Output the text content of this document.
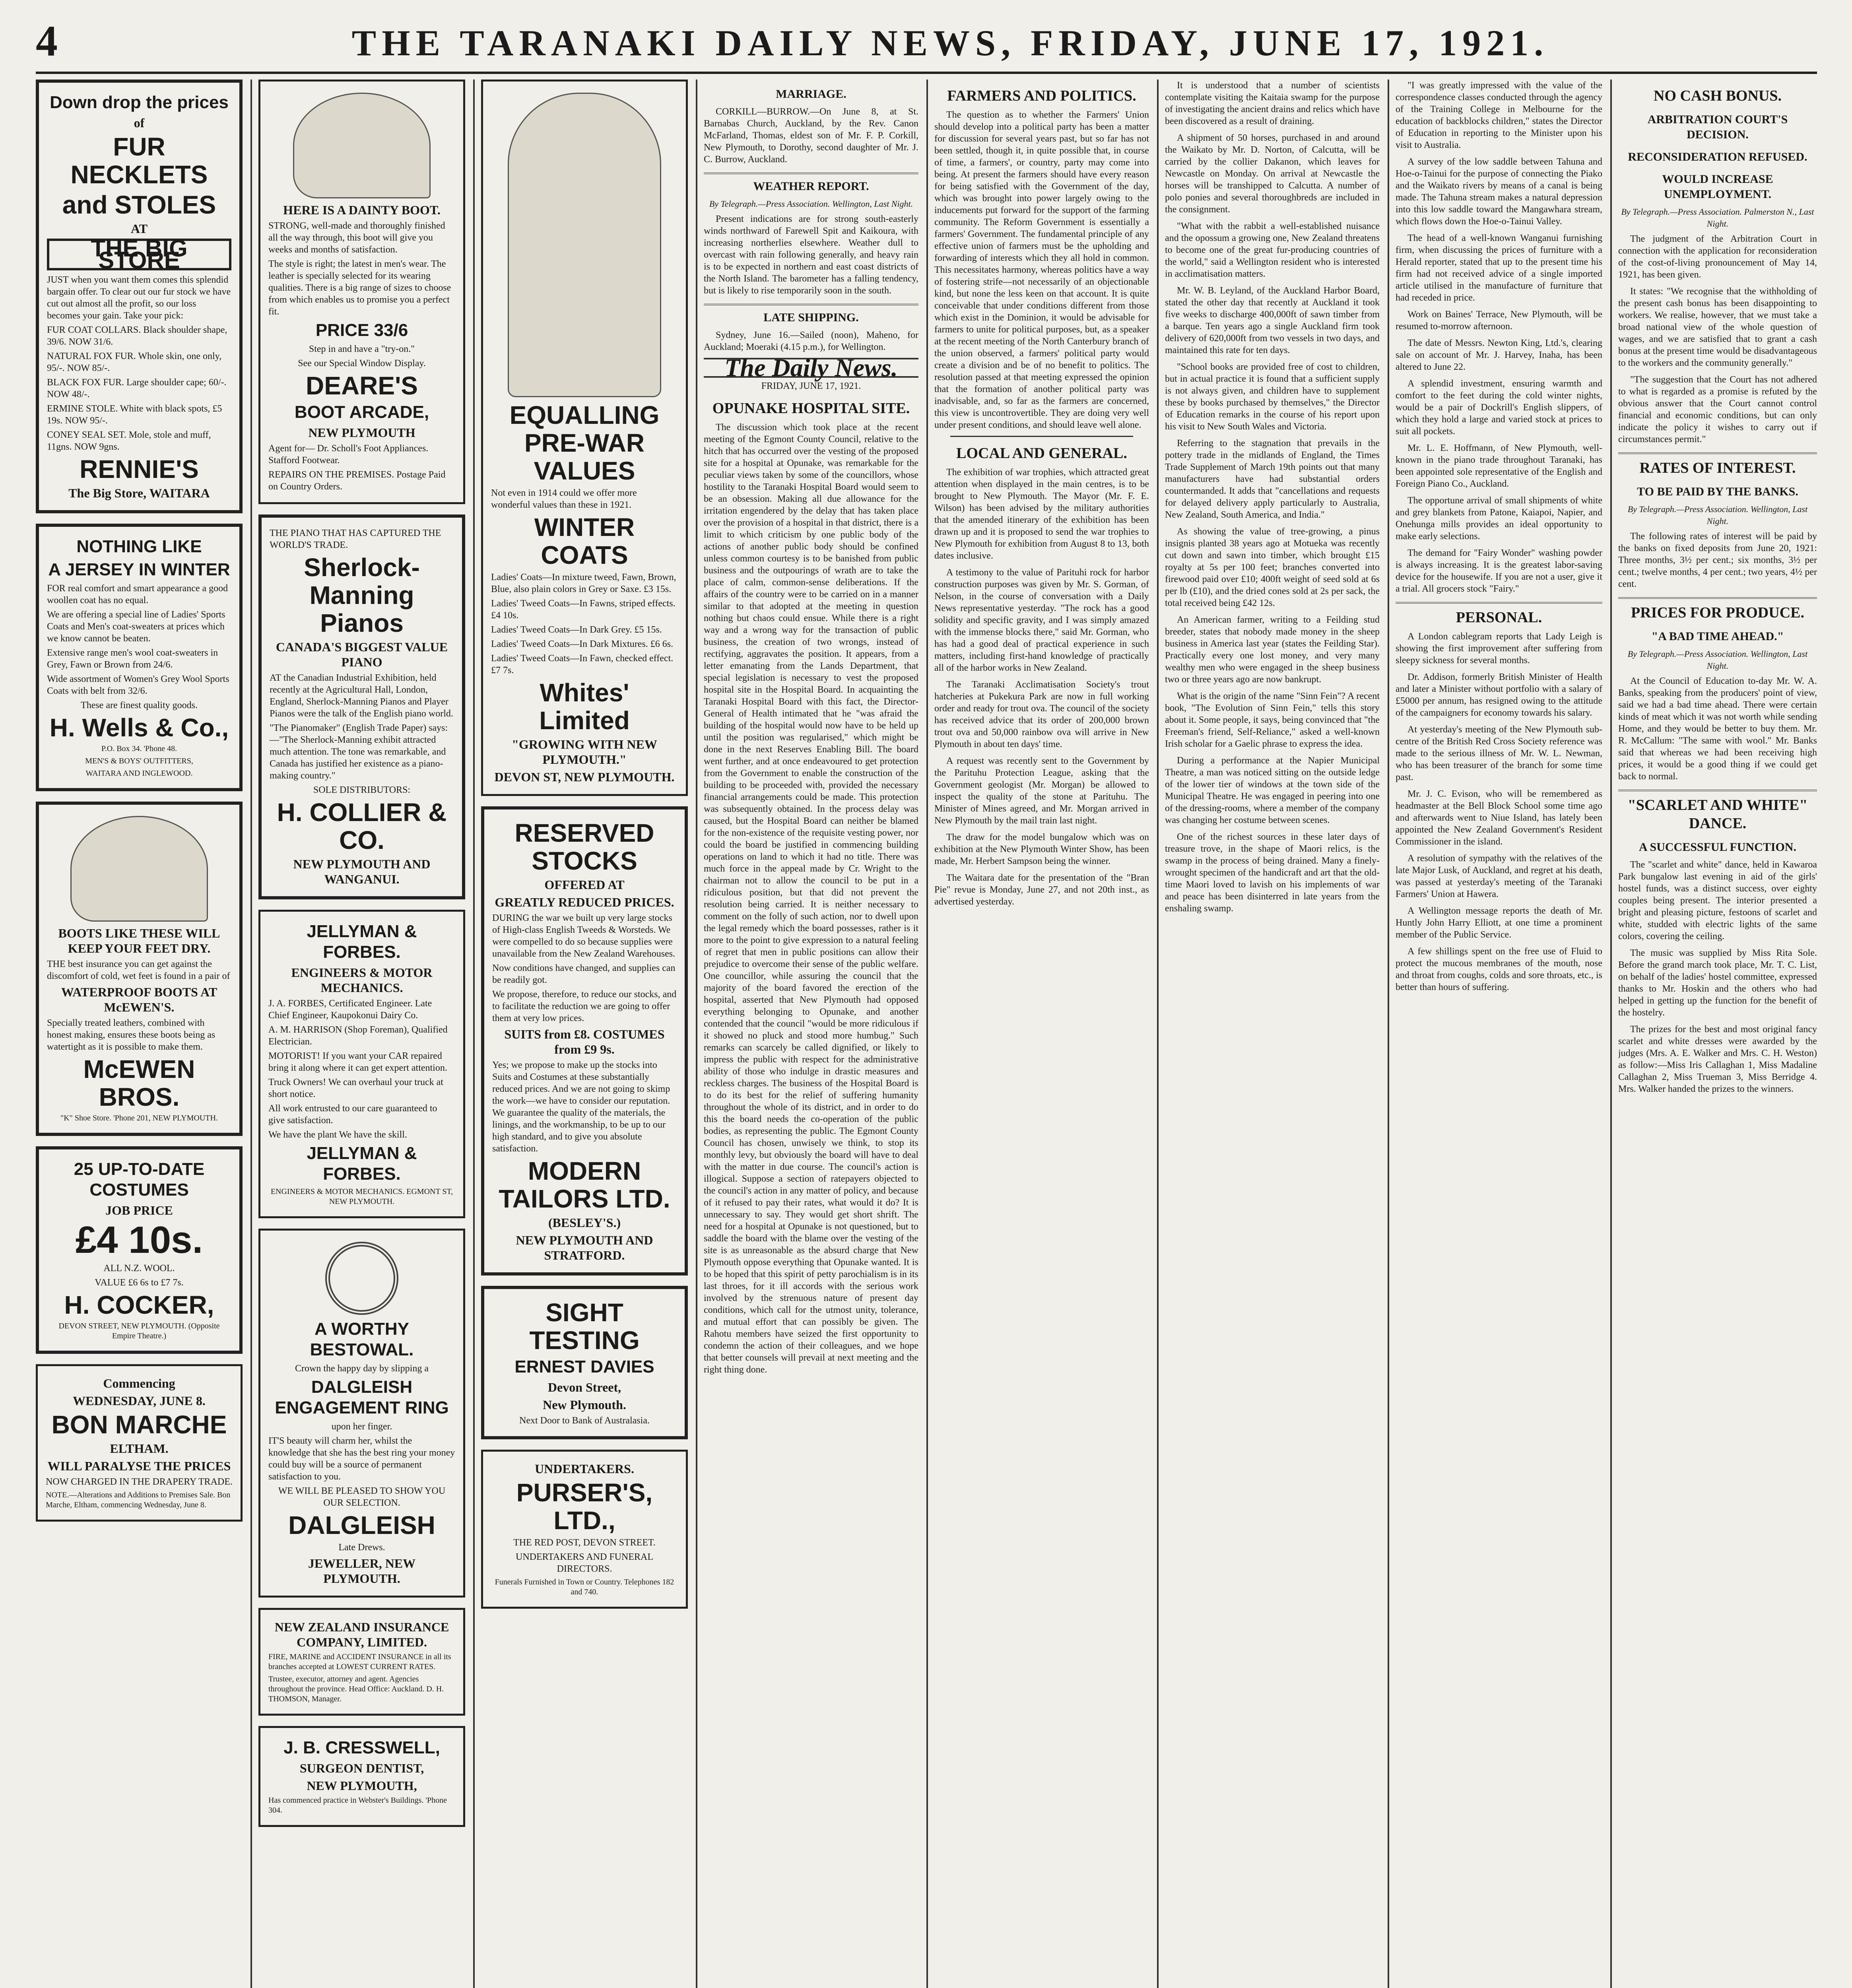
4	THE TARANAKI DAILY NEWS, FRIDAY, JUNE 17, 1921.
Down drop the prices
of
FUR NECKLETS
and STOLES
AT
THE BIG STORE

JUST when you want them comes this splendid bargain offer. To clear out our fur stock we have cut out almost all the profit, so our loss becomes your gain. Take your pick:

FUR COAT COLLARS. Black shoulder shape, 39/6. NOW 31/6.

NATURAL FOX FUR. Whole skin, one only, 95/-. NOW 85/-.

BLACK FOX FUR. Large shoulder cape; 60/-. NOW 48/-.

ERMINE STOLE. White with black spots, £5 19s. NOW 95/-.

CONEY SEAL SET. Mole, stole and muff, 11gns. NOW 9gns.

RENNIE'S
The Big Store, WAITARA
NOTHING LIKE
A JERSEY IN WINTER

FOR real comfort and smart appearance a good woollen coat has no equal.

We are offering a special line of Ladies' Sports Coats and Men's coat-sweaters at prices which we know cannot be beaten.

Extensive range men's wool coat-sweaters in Grey, Fawn or Brown from 24/6.

Wide assortment of Women's Grey Wool Sports Coats with belt from 32/6.

These are finest quality goods.

H. Wells & Co.,

P.O. Box 34. 'Phone 48.

MEN'S & BOYS' OUTFITTERS,

WAITARA AND INGLEWOOD.

BOOTS LIKE THESE WILL KEEP YOUR FEET DRY.

THE best insurance you can get against the discomfort of cold, wet feet is found in a pair of

WATERPROOF BOOTS AT McEWEN'S.

Specially treated leathers, combined with honest making, ensures these boots being as watertight as it is possible to make them.

McEWEN BROS.

"K" Shoe Store. 'Phone 201, NEW PLYMOUTH.

25 UP-TO-DATE COSTUMES
JOB PRICE
£4 10s.

ALL N.Z. WOOL.

VALUE £6 6s to £7 7s.

H. COCKER,

DEVON STREET, NEW PLYMOUTH. (Opposite Empire Theatre.)

Commencing
WEDNESDAY, JUNE 8.
BON MARCHE
ELTHAM.
WILL PARALYSE THE PRICES

NOW CHARGED IN THE DRAPERY TRADE.

NOTE.—Alterations and Additions to Premises Sale. Bon Marche, Eltham, commencing Wednesday, June 8.

HERE IS A DAINTY BOOT.

STRONG, well-made and thoroughly finished all the way through, this boot will give you weeks and months of satisfaction.

The style is right; the latest in men's wear. The leather is specially selected for its wearing qualities. There is a big range of sizes to choose from which enables us to promise you a perfect fit.

PRICE 33/6

Step in and have a "try-on."

See our Special Window Display.

DEARE'S
BOOT ARCADE,
NEW PLYMOUTH

Agent for— Dr. Scholl's Foot Appliances. Stafford Footwear.

REPAIRS ON THE PREMISES. Postage Paid on Country Orders.

THE PIANO THAT HAS CAPTURED THE WORLD'S TRADE.

Sherlock-Manning Pianos
CANADA'S BIGGEST VALUE PIANO

AT the Canadian Industrial Exhibition, held recently at the Agricultural Hall, London, England, Sherlock-Manning Pianos and Player Pianos were the talk of the English piano world.

"The Pianomaker" (English Trade Paper) says:—"The Sherlock-Manning exhibit attracted much attention. The tone was remarkable, and Canada has justified her existence as a piano-making country."

SOLE DISTRIBUTORS:

H. COLLIER & CO.
NEW PLYMOUTH AND WANGANUI.
JELLYMAN & FORBES.
ENGINEERS & MOTOR MECHANICS.

J. A. FORBES, Certificated Engineer. Late Chief Engineer, Kaupokonui Dairy Co.

A. M. HARRISON (Shop Foreman), Qualified Electrician.

MOTORIST! If you want your CAR repaired bring it along where it can get expert attention.

Truck Owners! We can overhaul your truck at short notice.

All work entrusted to our care guaranteed to give satisfaction.

We have the plant We have the skill.

JELLYMAN & FORBES.

ENGINEERS & MOTOR MECHANICS. EGMONT ST, NEW PLYMOUTH.

A WORTHY BESTOWAL.

Crown the happy day by slipping a

DALGLEISH ENGAGEMENT RING

upon her finger.

IT'S beauty will charm her, whilst the knowledge that she has the best ring your money could buy will be a source of permanent satisfaction to you.

WE WILL BE PLEASED TO SHOW YOU OUR SELECTION.

DALGLEISH

Late Drews.

JEWELLER, NEW PLYMOUTH.
NEW ZEALAND INSURANCE COMPANY, LIMITED.

FIRE, MARINE and ACCIDENT INSURANCE in all its branches accepted at LOWEST CURRENT RATES.

Trustee, executor, attorney and agent. Agencies throughout the province. Head Office: Auckland. D. H. THOMSON, Manager.

J. B. CRESSWELL,
SURGEON DENTIST,
NEW PLYMOUTH,

Has commenced practice in Webster's Buildings. 'Phone 304.

EQUALLING PRE-WAR VALUES

Not even in 1914 could we offer more wonderful values than these in 1921.

WINTER COATS

Ladies' Coats—In mixture tweed, Fawn, Brown, Blue, also plain colors in Grey or Saxe. £3 15s.

Ladies' Tweed Coats—In Fawns, striped effects. £4 10s.

Ladies' Tweed Coats—In Dark Grey. £5 15s.

Ladies' Tweed Coats—In Dark Mixtures. £6 6s.

Ladies' Tweed Coats—In Fawn, checked effect. £7 7s.

Whites' Limited
"GROWING WITH NEW PLYMOUTH."
DEVON ST, NEW PLYMOUTH.
RESERVED STOCKS
OFFERED AT
GREATLY REDUCED PRICES.

DURING the war we built up very large stocks of High-class English Tweeds & Worsteds. We were compelled to do so because supplies were unavailable from the New Zealand Warehouses.

Now conditions have changed, and supplies can be readily got.

We propose, therefore, to reduce our stocks, and to facilitate the reduction we are going to offer them at very low prices.

SUITS from £8. COSTUMES from £9 9s.

Yes; we propose to make up the stocks into Suits and Costumes at these substantially reduced prices. And we are not going to skimp the work—we have to consider our reputation. We guarantee the quality of the materials, the linings, and the workmanship, to be up to our high standard, and to give you absolute satisfaction.

MODERN TAILORS LTD.
(BESLEY'S.)
NEW PLYMOUTH AND STRATFORD.
SIGHT TESTING
ERNEST DAVIES
Devon Street,
New Plymouth.

Next Door to Bank of Australasia.

UNDERTAKERS.
PURSER'S, LTD.,

THE RED POST, DEVON STREET.

UNDERTAKERS AND FUNERAL DIRECTORS.

Funerals Furnished in Town or Country. Telephones 182 and 740.

MARRIAGE.

CORKILL—BURROW.—On June 8, at St. Barnabas Church, Auckland, by the Rev. Canon McFarland, Thomas, eldest son of Mr. F. P. Corkill, New Plymouth, to Dorothy, second daughter of Mr. J. C. Burrow, Auckland.

WEATHER REPORT.
By Telegraph.—Press Association. Wellington, Last Night.

Present indications are for strong south-easterly winds northward of Farewell Spit and Kaikoura, with increasing northerlies elsewhere. Weather dull to overcast with rain following generally, and heavy rain is to be expected in northern and east coast districts of the North Island. The barometer has a falling tendency, but is likely to rise temporarily soon in the south.

LATE SHIPPING.

Sydney, June 16.—Sailed (noon), Maheno, for Auckland; Moeraki (4.15 p.m.), for Wellington.

The Daily News.
FRIDAY, JUNE 17, 1921.
OPUNAKE HOSPITAL SITE.

The discussion which took place at the recent meeting of the Egmont County Council, relative to the hitch that has occurred over the vesting of the proposed site for a hospital at Opunake, was remarkable for the peculiar views taken by some of the councillors, whose hostility to the Taranaki Hospital Board would seem to be an obsession. Making all due allowance for the irritation engendered by the delay that has taken place over the provision of a hospital in that district, there is a limit to which criticism by one public body of the actions of another public body should be confined unless common courtesy is to be banished from public business and the outpourings of wrath are to take the place of calm, common-sense deliberations. If the affairs of the country were to be carried on in a manner similar to that adopted at the meeting in question nothing but chaos could ensue. While there is a right way and a wrong way for the transaction of public business, the creation of two wrongs, instead of rectifying, aggravates the position. It appears, from a letter emanating from the Lands Department, that special legislation is necessary to vest the proposed hospital site in the Hospital Board. In acquainting the Taranaki Hospital Board with this fact, the Director-General of Health intimated that he "was afraid the building of the hospital would now have to be held up until the position was regularised," which might be done in the next Reserves Enabling Bill. The board went further, and at once endeavoured to get protection from the Government to enable the construction of the building to be proceeded with, provided the necessary financial arrangements could be made. This protection was subsequently obtained. In the process delay was caused, but the Hospital Board can neither be blamed for the non-existence of the requisite vesting power, nor could the board be justified in commencing building operations on land to which it had no title. There was much force in the appeal made by Cr. Wright to the chairman not to allow the council to be put in a ridiculous position, but that did not prevent the resolution being carried. It is neither necessary to comment on the folly of such action, nor to dwell upon the legal remedy which the board possesses, rather is it more to the point to give expression to a natural feeling of regret that men in public positions can allow their prejudice to overcome their sense of the public welfare. One councillor, while assuring the council that the majority of the board favored the erection of the hospital, asserted that New Plymouth had opposed everything belonging to Opunake, and another contended that the council "would be more ridiculous if it showed no pluck and stood more humbug." Such remarks can scarcely be called dignified, or likely to impress the public with respect for the administrative ability of those who indulge in drastic measures and reckless charges. The business of the Hospital Board is to do its best for the relief of suffering humanity throughout the whole of its district, and in order to do this the board needs the co-operation of the public bodies, as representing the public. The Egmont County Council has chosen, unwisely we think, to stop its monthly levy, but obviously the board will have to deal with the matter in due course. The council's action is illogical. Suppose a section of ratepayers objected to the council's action in any matter of policy, and because of it refused to pay their rates, what would it do? It is unnecessary to say. They would get short shrift. The need for a hospital at Opunake is not questioned, but to saddle the board with the blame over the vesting of the site is as unreasonable as the absurd charge that New Plymouth oppose everything that Opunake wanted. It is to be hoped that this spirit of petty parochialism is in its last throes, for it ill accords with the serious work involved by the strenuous nature of present day conditions, which call for the utmost unity, tolerance, and mutual effort that can possibly be given. The Rahotu members have seized the first opportunity to condemn the action of their colleagues, and we hope that better counsels will prevail at next meeting and the right thing done.

FARMERS AND POLITICS.

The question as to whether the Farmers' Union should develop into a political party has been a matter for discussion for several years past, but so far has not been settled, though it, in quite possible that, in course of time, a farmers', or country, party may come into being. At present the farmers should have every reason for being satisfied with the Government of the day, which was brought into power largely owing to the inducements put forward for the support of the farming community. The Reform Government is essentially a farmers' Government. The fundamental principle of any effective union of farmers must be the upholding and forwarding of interests which they all hold in common. This necessitates harmony, whereas politics have a way of fostering strife—not necessarily of an objectionable kind, but none the less keen on that account. It is quite conceivable that under conditions different from those which exist in the Dominion, it would be advisable for farmers to unite for political purposes, but, as a speaker at the recent meeting of the North Canterbury branch of the union observed, a farmers' political party would create a division and be of no benefit to politics. The resolution passed at that meeting expressed the opinion that the formation of another political party was inadvisable, and, so far as the farmers are concerned, this view is uncontrovertible. They are doing very well under present conditions, and should leave well alone.

LOCAL AND GENERAL.

The exhibition of war trophies, which attracted great attention when displayed in the main centres, is to be brought to New Plymouth. The Mayor (Mr. F. E. Wilson) has been advised by the military authorities that the amended itinerary of the exhibition has been drawn up and it is proposed to send the war trophies to New Plymouth for exhibition from August 8 to 13, both dates inclusive.

A testimony to the value of Parituhi rock for harbor construction purposes was given by Mr. S. Gorman, of Nelson, in the course of conversation with a Daily News representative yesterday. "The rock has a good solidity and specific gravity, and I was simply amazed with the immense blocks there," said Mr. Gorman, who has had a good deal of practical experience in such matters, including first-hand knowledge of practically all of the harbor works in New Zealand.

The Taranaki Acclimatisation Society's trout hatcheries at Pukekura Park are now in full working order and ready for trout ova. The council of the society has received advice that its order of 200,000 brown trout ova and 50,000 rainbow ova will arrive in New Plymouth in about ten days' time.

A request was recently sent to the Government by the Parituhu Protection League, asking that the Government geologist (Mr. Morgan) be allowed to inspect the quality of the stone at Parituhu. The Minister of Mines agreed, and Mr. Morgan arrived in New Plymouth by the mail train last night.

The draw for the model bungalow which was on exhibition at the New Plymouth Winter Show, has been made, Mr. Herbert Sampson being the winner.

The Waitara date for the presentation of the "Bran Pie" revue is Monday, June 27, and not 20th inst., as advertised yesterday.

It is understood that a number of scientists contemplate visiting the Kaitaia swamp for the purpose of investigating the ancient drains and relics which have been discovered as a result of draining.

A shipment of 50 horses, purchased in and around the Waikato by Mr. D. Norton, of Calcutta, will be carried by the collier Dakanon, which leaves for Newcastle on Monday. On arrival at Newcastle the horses will be transhipped to Calcutta. A number of polo ponies and several thoroughbreds are included in the consignment.

"What with the rabbit a well-established nuisance and the opossum a growing one, New Zealand threatens to become one of the great fur-producing countries of the world," said a Wellington resident who is interested in acclimatisation matters.

Mr. W. B. Leyland, of the Auckland Harbor Board, stated the other day that recently at Auckland it took five weeks to discharge 400,000ft of sawn timber from a barque. Ten years ago a single Auckland firm took delivery of 620,000ft from two vessels in two days, and maintained this rate for ten days.

"School books are provided free of cost to children, but in actual practice it is found that a sufficient supply is not always given, and children have to supplement these by books purchased by themselves," the Director of Education remarks in the course of his report upon his visit to New South Wales and Victoria.

Referring to the stagnation that prevails in the pottery trade in the midlands of England, the Times Trade Supplement of March 19th points out that many manufacturers have had substantial orders countermanded. It adds that "cancellations and requests for delayed delivery apply particularly to Australia, New Zealand, South America, and India."

As showing the value of tree-growing, a pinus insignis planted 38 years ago at Motueka was recently cut down and sawn into timber, which brought £15 royalty at 5s per 100 feet; branches converted into firewood paid over £10; 400ft weight of seed sold at 6s per lb (£10), and the dried cones sold at 2s per sack, the total received being £42 12s.

An American farmer, writing to a Feilding stud breeder, states that nobody made money in the sheep business in America last year (states the Feilding Star). Practically every one lost money, and very many wealthy men who were engaged in the sheep business two or three years ago are now bankrupt.

What is the origin of the name "Sinn Fein"? A recent book, "The Evolution of Sinn Fein," tells this story about it. Some people, it says, being convinced that "the Freeman's friend, Self-Reliance," asked a well-known Irish scholar for a Gaelic phrase to express the idea.

During a performance at the Napier Municipal Theatre, a man was noticed sitting on the outside ledge of the lower tier of windows at the town side of the Municipal Theatre. He was engaged in peering into one of the dressing-rooms, where a member of the company was changing her costume between scenes.

One of the richest sources in these later days of treasure trove, in the shape of Maori relics, is the swamp in the process of being drained. Many a finely-wrought specimen of the handicraft and art that the old-time Maori loved to lavish on his implements of war and peace has been disinterred in late years from the enshaling swamp.

"I was greatly impressed with the value of the correspondence classes conducted through the agency of the Training College in Melbourne for the education of backblocks children," states the Director of Education in reporting to the Minister upon his visit to Australia.

A survey of the low saddle between Tahuna and Hoe-o-Tainui for the purpose of connecting the Piako and the Waikato rivers by means of a canal is being made. The Tahuna stream makes a natural depression into this low saddle toward the Mangawhara stream, which flows down the Hoe-o-Tainui Valley.

The head of a well-known Wanganui furnishing firm, when discussing the prices of furniture with a Herald reporter, stated that up to the present time his firm had not received advice of a single imported article utilised in the manufacture of furniture that had receded in price.

Work on Baines' Terrace, New Plymouth, will be resumed to-morrow afternoon.

The date of Messrs. Newton King, Ltd.'s, clearing sale on account of Mr. J. Harvey, Inaha, has been altered to June 22.

A splendid investment, ensuring warmth and comfort to the feet during the cold winter nights, would be a pair of Dockrill's English slippers, of which they hold a large and varied stock at prices to suit all pockets.

Mr. L. E. Hoffmann, of New Plymouth, well-known in the piano trade throughout Taranaki, has been appointed sole representative of the English and Foreign Piano Co., Auckland.

The opportune arrival of small shipments of white and grey blankets from Patone, Kaiapoi, Napier, and Onehunga mills provides an ideal opportunity to make early selections.

The demand for "Fairy Wonder" washing powder is always increasing. It is the greatest labor-saving device for the housewife. If you are not a user, give it a trial. All grocers stock "Fairy."

PERSONAL.

A London cablegram reports that Lady Leigh is showing the first improvement after suffering from sleepy sickness for several months.

Dr. Addison, formerly British Minister of Health and later a Minister without portfolio with a salary of £5000 per annum, has resigned owing to the attitude of the campaigners for economy towards his salary.

At yesterday's meeting of the New Plymouth sub-centre of the British Red Cross Society reference was made to the serious illness of Mr. W. L. Newman, who has been treasurer of the branch for some time past.

Mr. J. C. Evison, who will be remembered as headmaster at the Bell Block School some time ago and afterwards went to Niue Island, has lately been appointed the New Zealand Government's Resident Commissioner in the island.

A resolution of sympathy with the relatives of the late Major Lusk, of Auckland, and regret at his death, was passed at yesterday's meeting of the Taranaki Farmers' Union at Hawera.

A Wellington message reports the death of Mr. Huntly John Harry Elliott, at one time a prominent member of the Public Service.

A few shillings spent on the free use of Fluid to protect the mucous membranes of the mouth, nose and throat from coughs, colds and sore throats, etc., is better than hours of suffering.

NO CASH BONUS.
ARBITRATION COURT'S DECISION.
RECONSIDERATION REFUSED.
WOULD INCREASE UNEMPLOYMENT.
By Telegraph.—Press Association. Palmerston N., Last Night.

The judgment of the Arbitration Court in connection with the application for reconsideration of the cost-of-living pronouncement of May 14, 1921, has been given.

It states: "We recognise that the withholding of the present cash bonus has been disappointing to workers. We realise, however, that we must take a broad national view of the whole question of wages, and we are satisfied that to grant a cash bonus at the present time would be disadvantageous to the workers and the community generally."

"The suggestion that the Court has not adhered to what is regarded as a promise is refuted by the obvious answer that the Court cannot control financial and economic conditions, but can only indicate the policy it wishes to carry out if circumstances permit."

RATES OF INTEREST.
TO BE PAID BY THE BANKS.
By Telegraph.—Press Association. Wellington, Last Night.

The following rates of interest will be paid by the banks on fixed deposits from June 20, 1921: Three months, 3½ per cent.; six months, 3½ per cent.; twelve months, 4 per cent.; two years, 4½ per cent.

PRICES FOR PRODUCE.
"A BAD TIME AHEAD."
By Telegraph.—Press Association. Wellington, Last Night.

At the Council of Education to-day Mr. W. A. Banks, speaking from the producers' point of view, said we had a bad time ahead. There were certain kinds of meat which it was not worth while sending Home, and they would be better to buy them. Mr. R. McCallum: "The same with wool." Mr. Banks said that whereas we had been receiving high prices, it would be a good thing if we could get back to normal.

"SCARLET AND WHITE" DANCE.
A SUCCESSFUL FUNCTION.

The "scarlet and white" dance, held in Kawaroa Park bungalow last evening in aid of the girls' hostel funds, was a distinct success, over eighty couples being present. The interior presented a bright and pleasing picture, festoons of scarlet and white, studded with electric lights of the same colors, covering the ceiling.

The music was supplied by Miss Rita Sole. Before the grand march took place, Mr. T. C. List, on behalf of the ladies' hostel committee, expressed thanks to Mr. Hoskin and the others who had helped in getting up the function for the benefit of the hostelry.

The prizes for the best and most original fancy scarlet and white dresses were awarded by the judges (Mrs. A. E. Walker and Mrs. C. H. Weston) as follow:—Miss Iris Callaghan 1, Miss Madaline Callaghan 2, Miss Trueman 3, Miss Berridge 4. Mrs. Walker handed the prizes to the winners.
